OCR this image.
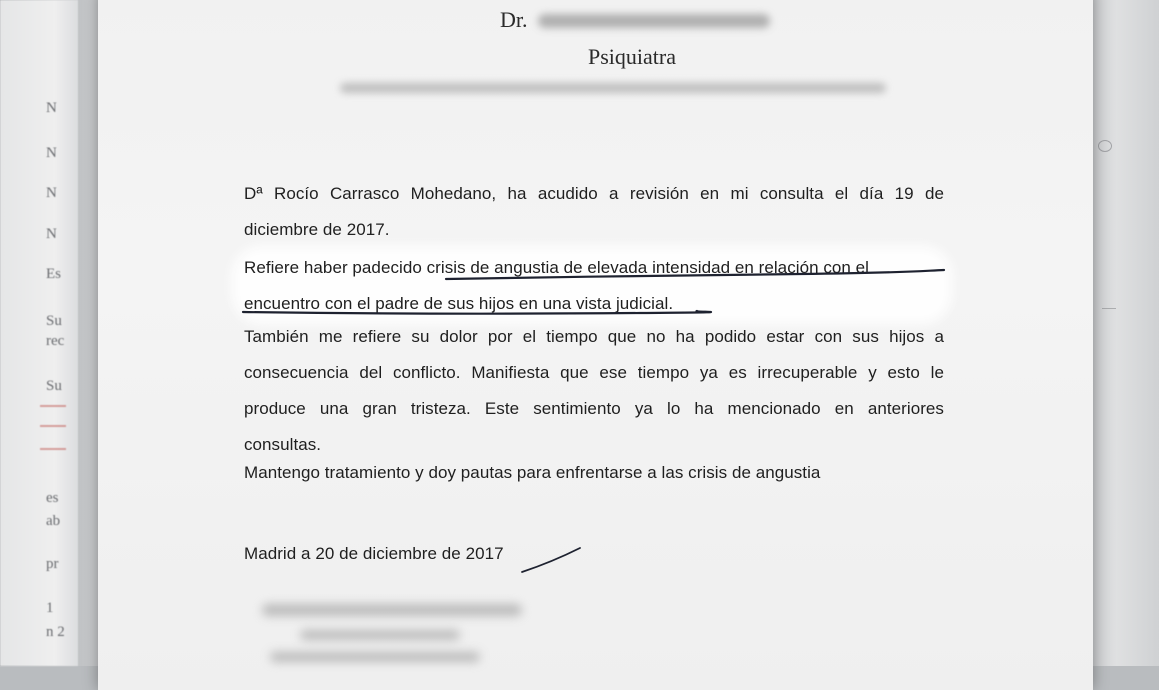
N
N
N
N
Es
Su
rec
Su
es
ab
pr
1
n 2
Dr.
Psiquiatra

Dª Rocío Carrasco Mohedano, ha acudido a revisión en mi consulta el día 19 de
diciembre de 2017.

Refiere haber padecido crisis de angustia de elevada intensidad en relación con el
encuentro con el padre de sus hijos en una vista judicial.

También me refiere su dolor por el tiempo que no ha podido estar con sus hijos a
consecuencia del conflicto. Manifiesta que ese tiempo ya es irrecuperable y esto le
produce una gran tristeza. Este sentimiento ya lo ha mencionado en anteriores
consultas.

Mantengo tratamiento y doy pautas para enfrentarse a las crisis de angustia

Madrid a 20 de diciembre de 2017
